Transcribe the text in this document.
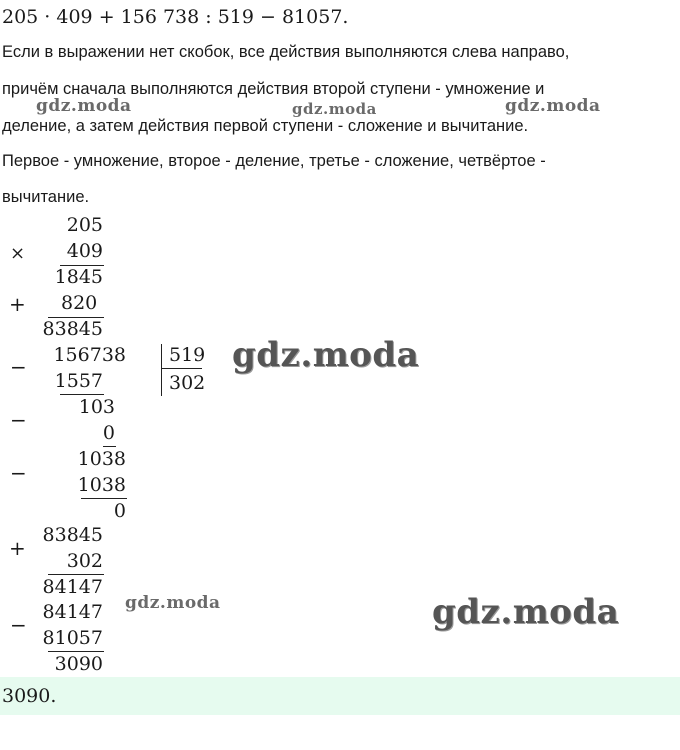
205 · 409 + 156 738 : 519 − 81057.
Если в выражении нет скобок, все действия выполняются слева направо,
причём сначала выполняются действия второй ступени - умножение и
деление, а затем действия первой ступени - сложение и вычитание.
Первое - умножение, второе - деление, третье - сложение, четвёртое -
вычитание.
gdz.moda	gdz.moda	gdz.moda
205
× 409
1845
+ 820
83845
− 156738
1557
519
302
103
−
0
1038
−	1038
0
gdz.moda
83845
+
302
84147
84147
−
81057
3090
gdz.moda	gdz.moda
3090.
